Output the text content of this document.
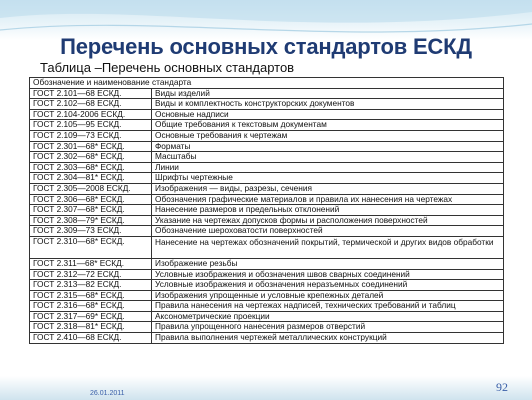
Перечень основных стандартов ЕСКД
Таблица –Перечень основных стандартов
Обозначение и наименование стандарта	
ГОСТ 2.101—68 ЕСКД.	Виды изделий
ГОСТ 2.102—68 ЕСКД.	Виды и комплектность конструкторских документов
ГОСТ 2.104-2006 ЕСКД.	Основные надписи
ГОСТ 2.105—95 ЕСКД.	Общие требования к текстовым документам
ГОСТ 2.109—73 ЕСКД.	Основные требования к чертежам
ГОСТ 2.301—68* ЕСКД.	Форматы
ГОСТ 2.302—68* ЕСКД.	Масштабы
ГОСТ 2.303—68* ЕСКД.	Линии
ГОСТ 2.304—81* ЕСКД.	Шрифты чертежные
ГОСТ 2.305—2008 ЕСКД.	Изображения — виды, разрезы, сечения
ГОСТ 2.306—68* ЕСКД.	Обозначения графические материалов и правила их нанесения на чертежах
ГОСТ 2.307—68* ЕСКД.	Нанесение размеров и предельных отклонений
ГОСТ 2.308—79* ЕСКД.	Указание на чертежах допусков формы и расположения поверхностей
ГОСТ 2.309—73 ЕСКД.	Обозначение шероховатости поверхностей
ГОСТ 2.310—68* ЕСКД.	Нанесение на чертежах обозначений покрытий, термической и других видов обработки
ГОСТ 2.311—68* ЕСКД.	Изображение резьбы
ГОСТ 2.312—72 ЕСКД.	Условные изображения и обозначения швов сварных соединений
ГОСТ 2.313—82 ЕСКД.	Условные изображения и обозначения неразъемных соединений
ГОСТ 2.315—68* ЕСКД.	Изображения упрощенные и условные крепежных деталей
ГОСТ 2.316—68* ЕСКД.	Правила нанесения на чертежах надписей, технических требований и таблиц
ГОСТ 2.317—69* ЕСКД.	Аксонометрические проекции
ГОСТ 2.318—81* ЕСКД.	Правила упрощенного нанесения размеров отверстий
ГОСТ 2.410—68 ЕСКД.	Правила выполнения чертежей металлических конструкций
92
26.01.2011
